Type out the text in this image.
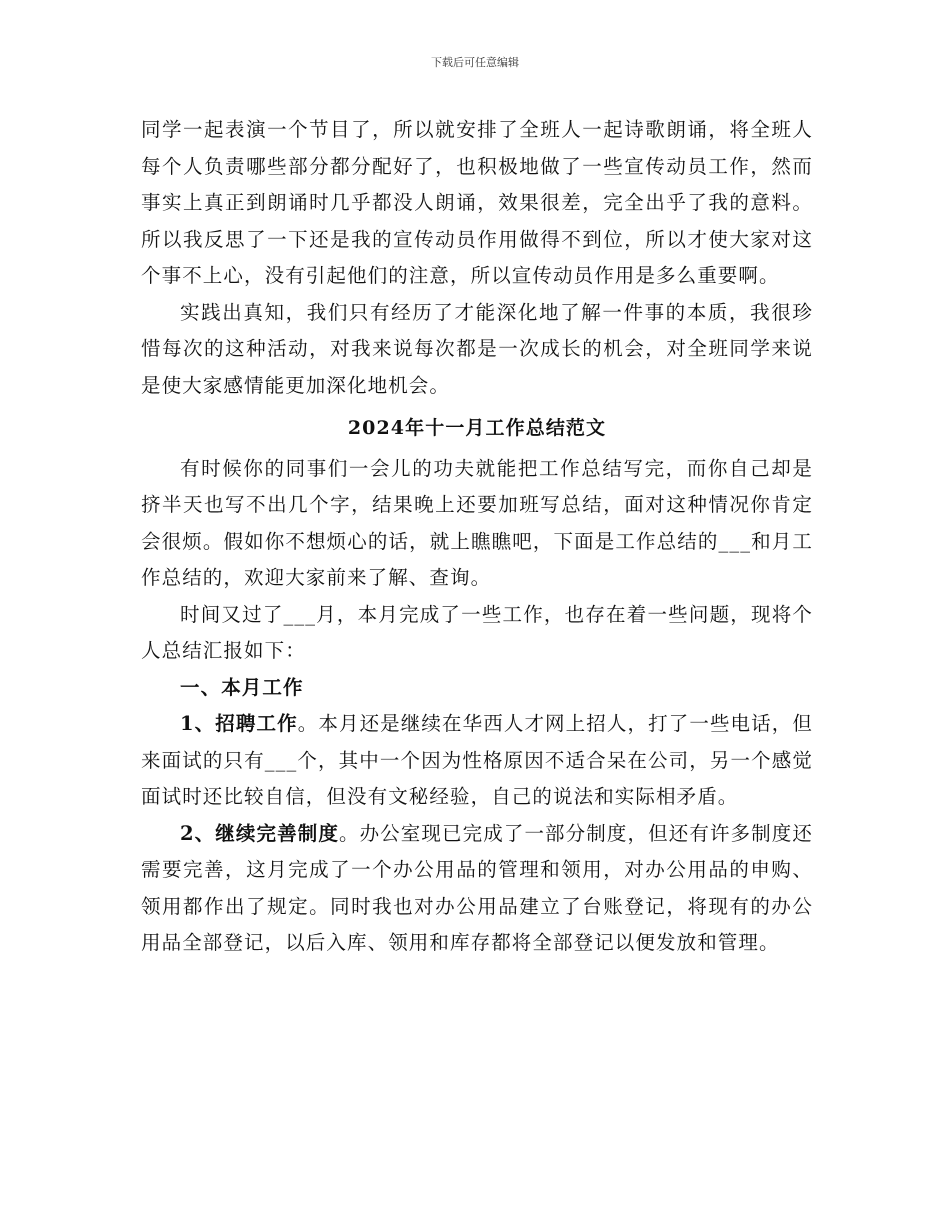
下载后可任意编辑

同学一起表演一个节目了，所以就安排了全班人一起诗歌朗诵，将全班人每个人负责哪些部分都分配好了，也积极地做了一些宣传动员工作，然而事实上真正到朗诵时几乎都没人朗诵，效果很差，完全出乎了我的意料。所以我反思了一下还是我的宣传动员作用做得不到位，所以才使大家对这个事不上心，没有引起他们的注意，所以宣传动员作用是多么重要啊。

实践出真知，我们只有经历了才能深化地了解一件事的本质，我很珍惜每次的这种活动，对我来说每次都是一次成长的机会，对全班同学来说是使大家感情能更加深化地机会。

2024年十一月工作总结范文

有时候你的同事们一会儿的功夫就能把工作总结写完，而你自己却是挤半天也写不出几个字，结果晚上还要加班写总结，面对这种情况你肯定会很烦。假如你不想烦心的话，就上瞧瞧吧，下面是工作总结的___和月工作总结的，欢迎大家前来了解、查询。

时间又过了___月，本月完成了一些工作，也存在着一些问题，现将个人总结汇报如下：

一、本月工作

1、招聘工作。本月还是继续在华西人才网上招人，打了一些电话，但来面试的只有___个，其中一个因为性格原因不适合呆在公司，另一个感觉面试时还比较自信，但没有文秘经验，自己的说法和实际相矛盾。

2、继续完善制度。办公室现已完成了一部分制度，但还有许多制度还需要完善，这月完成了一个办公用品的管理和领用，对办公用品的申购、领用都作出了规定。同时我也对办公用品建立了台账登记，将现有的办公用品全部登记，以后入库、领用和库存都将全部登记以便发放和管理。
